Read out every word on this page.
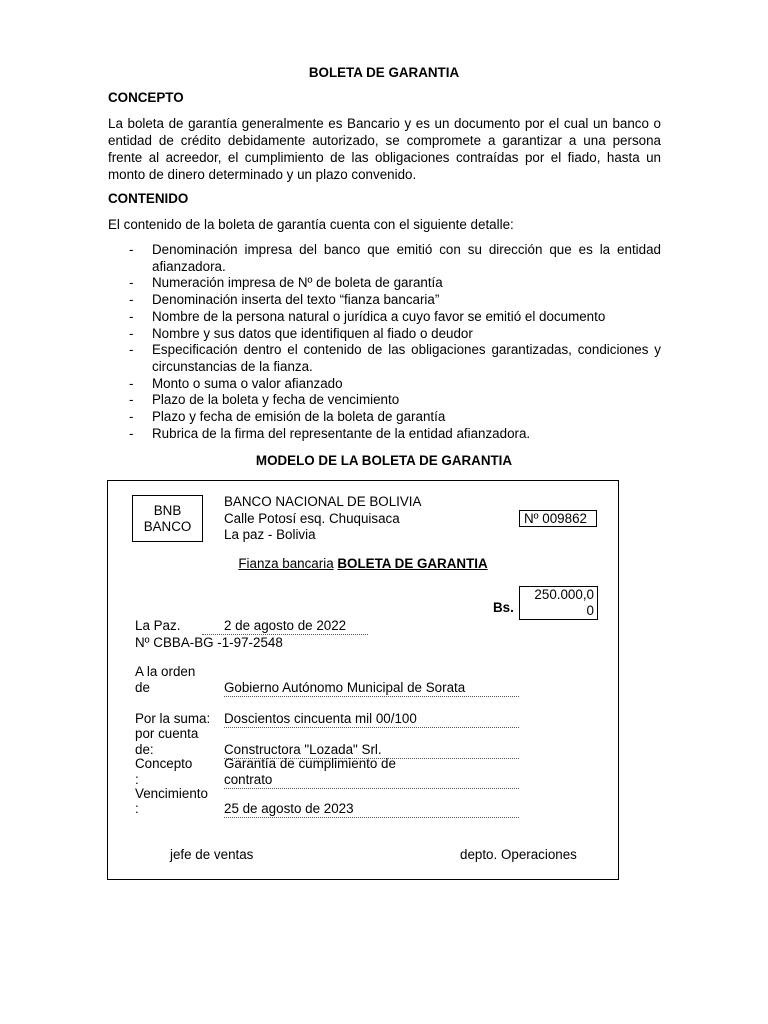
BOLETA DE GARANTIA
CONCEPTO
La boleta de garantía generalmente es Bancario y es un documento por el cual un banco o entidad de crédito debidamente autorizado, se compromete a garantizar a una persona frente al acreedor, el cumplimiento de las obligaciones contraídas por el fiado, hasta un monto de dinero determinado y un plazo convenido.
CONTENIDO
El contenido de la boleta de garantía cuenta con el siguiente detalle:
- Denominación impresa del banco que emitió con su dirección que es la entidad afianzadora.
- Numeración impresa de Nº de boleta de garantía
- Denominación inserta del texto “fianza bancaria”
- Nombre de la persona natural o jurídica a cuyo favor se emitió el documento
- Nombre y sus datos que identifiquen al fiado o deudor
- Especificación dentro el contenido de las obligaciones garantizadas, condiciones y circunstancias de la fianza.
- Monto o suma o valor afianzado
- Plazo de la boleta y fecha de vencimiento
- Plazo y fecha de emisión de la boleta de garantía
- Rubrica de la firma del representante de la entidad afianzadora.
MODELO DE LA BOLETA DE GARANTIA
BNB
BANCO
BANCO NACIONAL DE BOLIVIA
Calle Potosí esq. Chuquisaca
La paz - Bolivia
Nº 009862
Fianza bancaria BOLETA DE GARANTIA
Bs.
250.000,0
0
La Paz.	2 de agosto de 2022
Nº CBBA-BG -1-97-2548
A la orden
de	Gobierno Autónomo Municipal de Sorata
Por la suma: Doscientos cincuenta mil 00/100
por cuenta
de:	Constructora "Lozada" Srl.
Concepto
:
Garantía de cumplimiento de
contrato
Vencimiento
:	25 de agosto de 2023
jefe de ventas	depto. Operaciones
